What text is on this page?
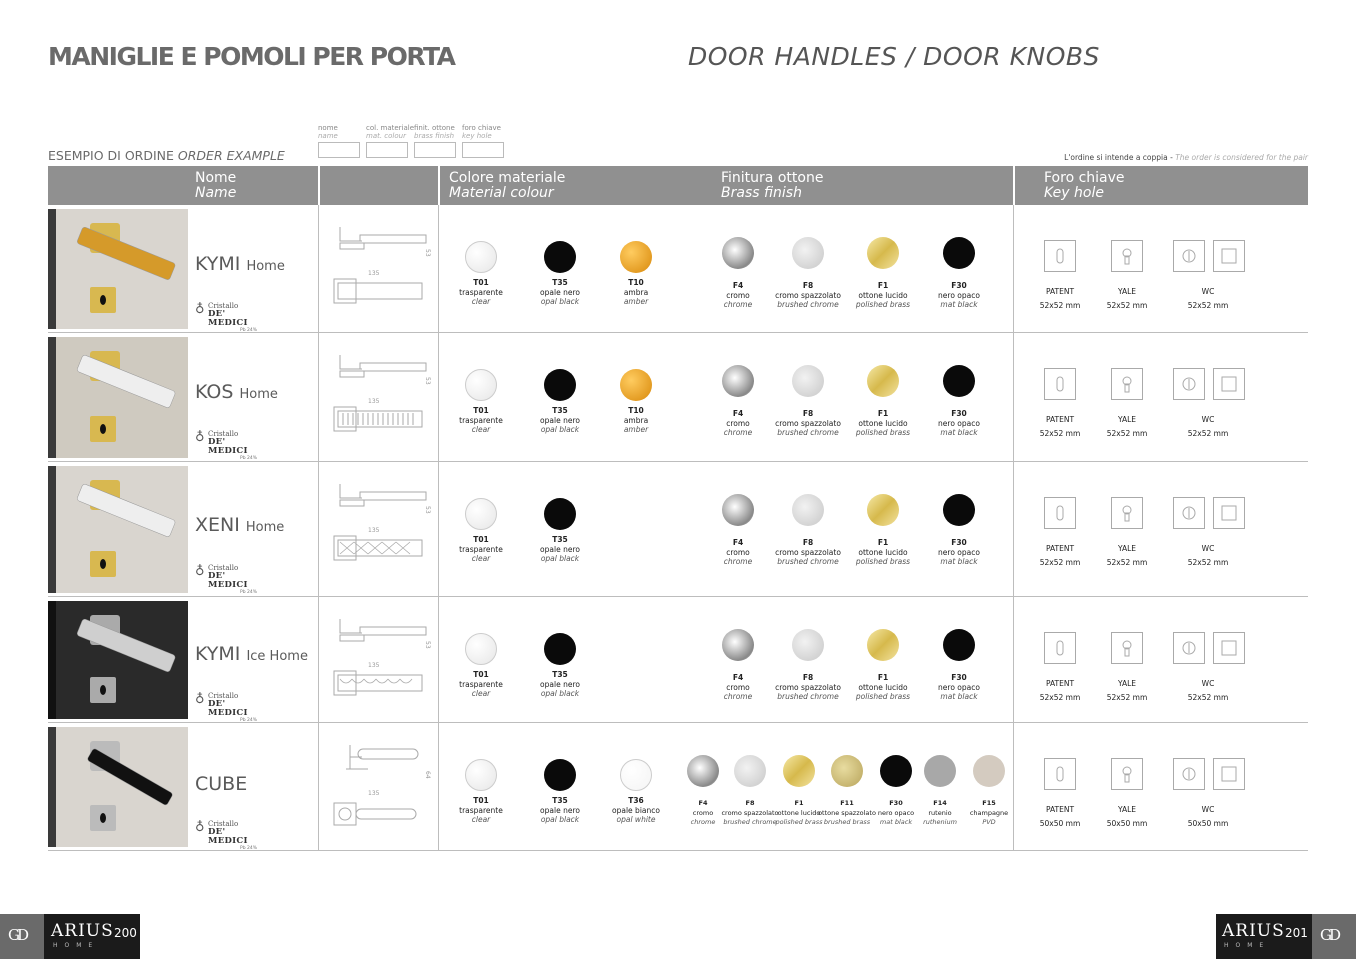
MANIGLIE E POMOLI PER PORTA	DOOR HANDLES / DOOR KNOBS
ESEMPIO DI ORDINE ORDER EXAMPLE
nome
name
col. materiale
mat. colour
finit. ottone
brass finish
foro chiave
key hole
L'ordine si intende a coppia - The order is considered for the pair
Nome
Name
Colore materiale
Material colour
Finitura ottone
Brass finish
Foro chiave
Key hole
KYMI Home
♁ Cristallo
DE' MEDICI
Pb 24%
135
53
T01
trasparente
clear
T35
opale nero
opal black
T10
ambra
amber
F4
cromo
chrome
F8
cromo spazzolato
brushed chrome
F1
ottone lucido
polished brass
F30
nero opaco
mat black
PATENT
52x52 mm
YALE
52x52 mm
WC
52x52 mm
KOS Home
♁ Cristallo
DE' MEDICI
Pb 24%
135
53
T01
trasparente
clear
T35
opale nero
opal black
T10
ambra
amber
F4
cromo
chrome
F8
cromo spazzolato
brushed chrome
F1
ottone lucido
polished brass
F30
nero opaco
mat black
PATENT
52x52 mm
YALE
52x52 mm
WC
52x52 mm
XENI Home
♁ Cristallo
DE' MEDICI
Pb 24%
135
53
T01
trasparente
clear
T35
opale nero
opal black
F4
cromo
chrome
F8
cromo spazzolato
brushed chrome
F1
ottone lucido
polished brass
F30
nero opaco
mat black
PATENT
52x52 mm
YALE
52x52 mm
WC
52x52 mm
KYMI Ice Home
♁ Cristallo
DE' MEDICI
Pb 24%
135
53
T01
trasparente
clear
T35
opale nero
opal black
F4
cromo
chrome
F8
cromo spazzolato
brushed chrome
F1
ottone lucido
polished brass
F30
nero opaco
mat black
PATENT
52x52 mm
YALE
52x52 mm
WC
52x52 mm
CUBE
♁ Cristallo
DE' MEDICI
Pb 24%
135
64
T01
trasparente
clear
T35
opale nero
opal black
T36
opale bianco
opal white
F4
cromo
chrome
F8
cromo spazzolato
brushed chrome
F1
ottone lucido
polished brass
F11
ottone spazzolato
brushed brass
F30
nero opaco
mat black
F14
rutenio
ruthenium
F15
champagne
PVD
PATENT
50x50 mm
YALE
50x50 mm
WC
50x50 mm
GD ARIUS
HOME
200	ARIUS
HOME
201 GD
